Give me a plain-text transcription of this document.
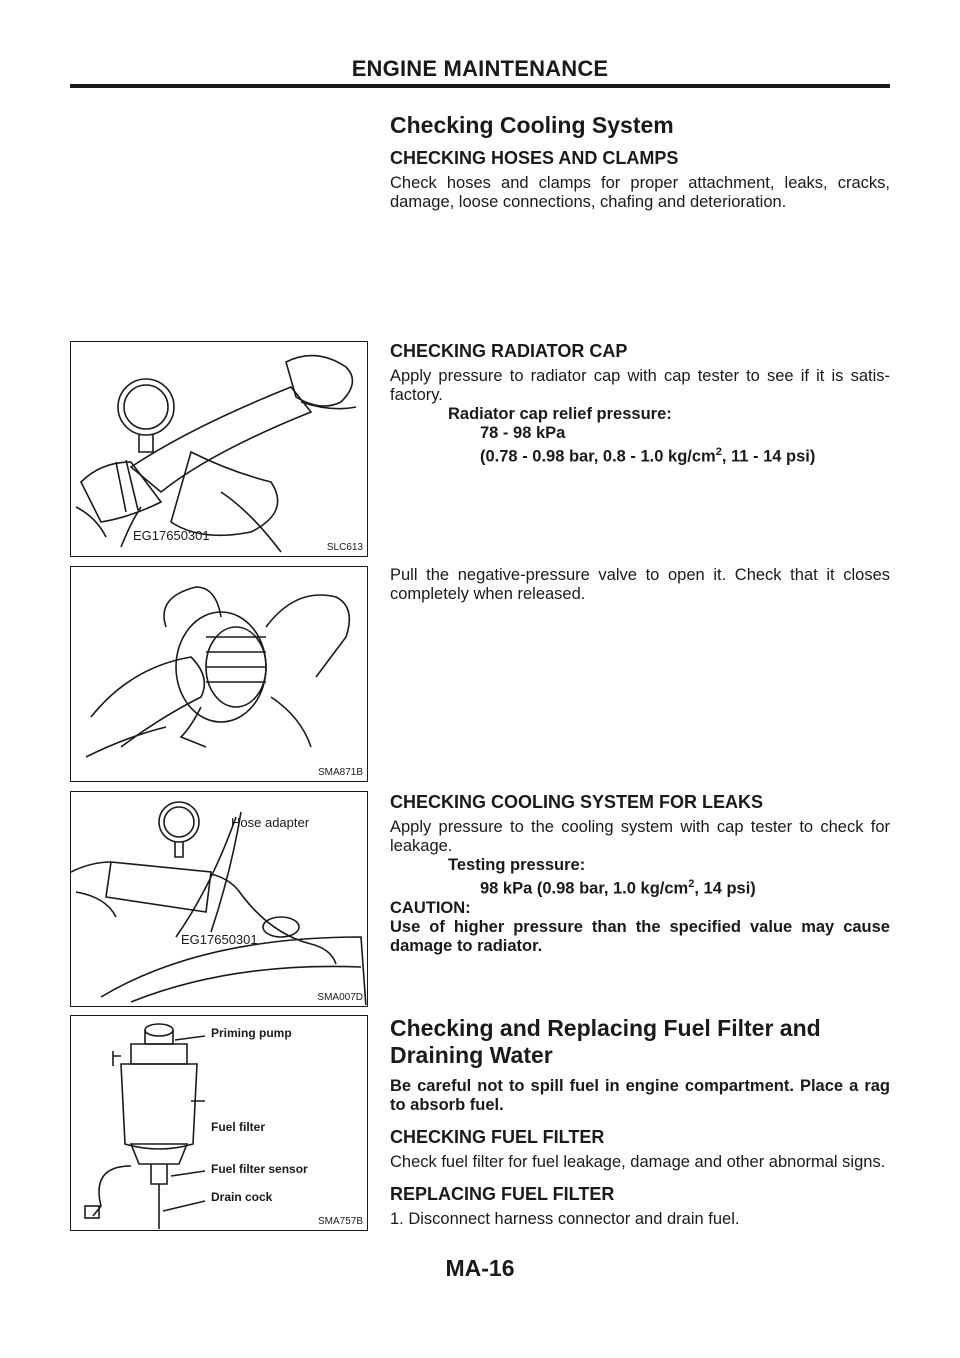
ENGINE MAINTENANCE
Checking Cooling System
CHECKING HOSES AND CLAMPS

Check hoses and clamps for proper attachment, leaks, cracks, damage, loose connections, chafing and deterioration.

CHECKING RADIATOR CAP

Apply pressure to radiator cap with cap tester to see if it is satis-factory.

Radiator cap relief pressure:
78 - 98 kPa
(0.78 - 0.98 bar, 0.8 - 1.0 $kg/cm^2$, 11 - 14 psi)

Pull the negative-pressure valve to open it. Check that it closes completely when released.

CHECKING COOLING SYSTEM FOR LEAKS

Apply pressure to the cooling system with cap tester to check for leakage.

Testing pressure:
98 kPa (0.98 bar, 1.0 $kg/cm^2$, 14 psi)
CAUTION:

Use of higher pressure than the specified value may cause damage to radiator.

Checking and Replacing Fuel Filter and
Draining Water

Be careful not to spill fuel in engine compartment. Place a rag to absorb fuel.

CHECKING FUEL FILTER

Check fuel filter for fuel leakage, damage and other abnormal signs.

REPLACING FUEL FILTER

1. Disconnect harness connector and drain fuel.

EG17650301
SLC613
SMA871B
Hose adapter
EG17650301
SMA007D
Priming pump
Fuel filter
Fuel filter sensor
Drain cock
SMA757B
MA-16
